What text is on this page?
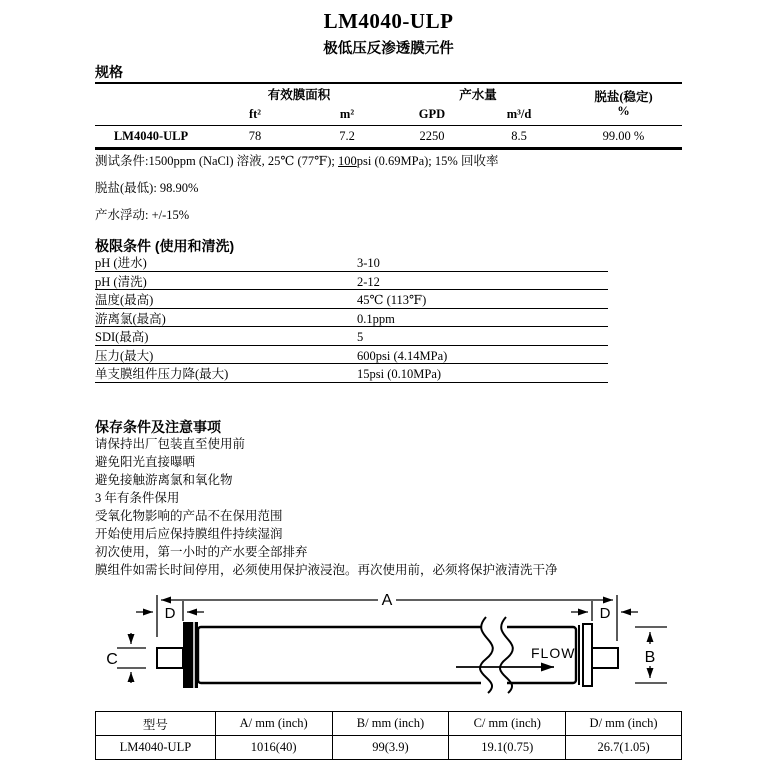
LM4040-ULP
极低压反渗透膜元件
规格
	有效膜面积		产水量		脱盐(稳定)
%

	ft²	m²	GPD	m³/d	
LM4040-ULP	78	7.2	2250	8.5	99.00 %
测试条件:1500ppm (NaCl) 溶液, 25℃ (77℉); 100psi (0.69MPa); 15% 回收率
脱盐(最低): 98.90%
产水浮动: +/-15%
极限条件 (使用和清洗)
pH (进水)	3-10
pH (清洗)	2-12
温度(最高)	45℃ (113℉)
游离氯(最高)	0.1ppm
SDI(最高)	5
压力(最大)	600psi (4.14MPa)
单支膜组件压力降(最大)	15psi (0.10MPa)
保存条件及注意事项
请保持出厂包装直至使用前
避免阳光直接曝晒
避免接触游离氯和氧化物
3 年有条件保用
受氧化物影响的产品不在保用范围
开始使用后应保持膜组件持续湿润
初次使用，第一小时的产水要全部排弃
膜组件如需长时间停用，必须使用保护液浸泡。再次使用前，必须将保护液清洗干净
A
D	D
C	B
FLOW
型号	A/ mm (inch)	B/ mm (inch)	C/ mm (inch)	D/ mm (inch)
LM4040-ULP	1016(40)	99(3.9)	19.1(0.75)	26.7(1.05)
